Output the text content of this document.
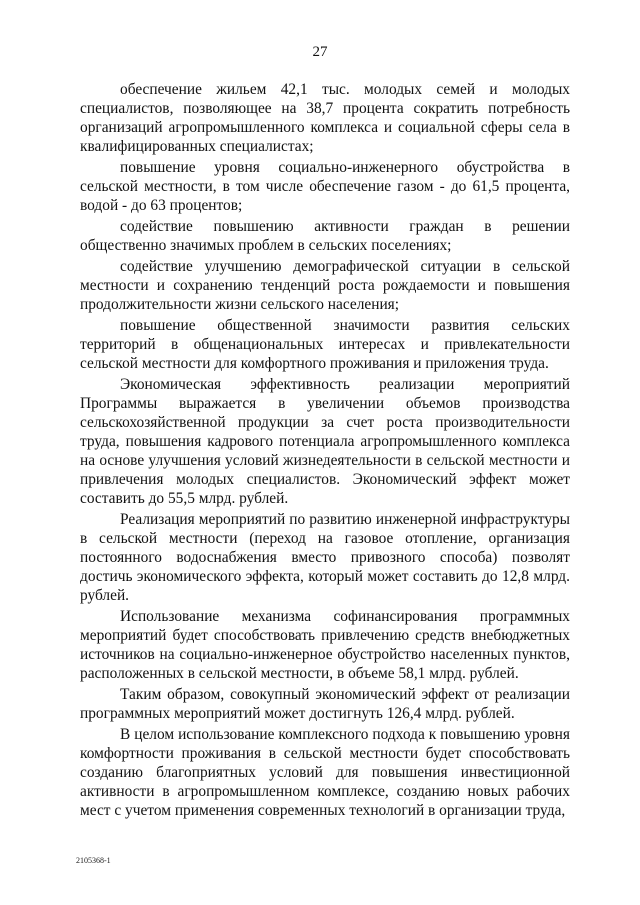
27

обеспечение жильем 42,1 тыс. молодых семей и молодых специалистов, позволяющее на 38,7 процента сократить потребность организаций агропромышленного комплекса и социальной сферы села в квалифицированных специалистах;

повышение уровня социально-инженерного обустройства в сельской местности, в том числе обеспечение газом - до 61,5 процента, водой - до 63 процентов;

содействие повышению активности граждан в решении общественно значимых проблем в сельских поселениях;

содействие улучшению демографической ситуации в сельской местности и сохранению тенденций роста рождаемости и повышения продолжительности жизни сельского населения;

повышение общественной значимости развития сельских территорий в общенациональных интересах и привлекательности сельской местности для комфортного проживания и приложения труда.

Экономическая эффективность реализации мероприятий Программы выражается в увеличении объемов производства сельскохозяйственной продукции за счет роста производительности труда, повышения кадрового потенциала агропромышленного комплекса на основе улучшения условий жизнедеятельности в сельской местности и привлечения молодых специалистов. Экономический эффект может составить до 55,5 млрд. рублей.

Реализация мероприятий по развитию инженерной инфраструктуры в сельской местности (переход на газовое отопление, организация постоянного водоснабжения вместо привозного способа) позволят достичь экономического эффекта, который может составить до 12,8 млрд. рублей.

Использование механизма софинансирования программных мероприятий будет способствовать привлечению средств внебюджетных источников на социально-инженерное обустройство населенных пунктов, расположенных в сельской местности, в объеме 58,1 млрд. рублей.

Таким образом, совокупный экономический эффект от реализации программных мероприятий может достигнуть 126,4 млрд. рублей.

В целом использование комплексного подхода к повышению уровня комфортности проживания в сельской местности будет способствовать созданию благоприятных условий для повышения инвестиционной активности в агропромышленном комплексе, созданию новых рабочих мест с учетом применения современных технологий в организации труда,

2105368-1
